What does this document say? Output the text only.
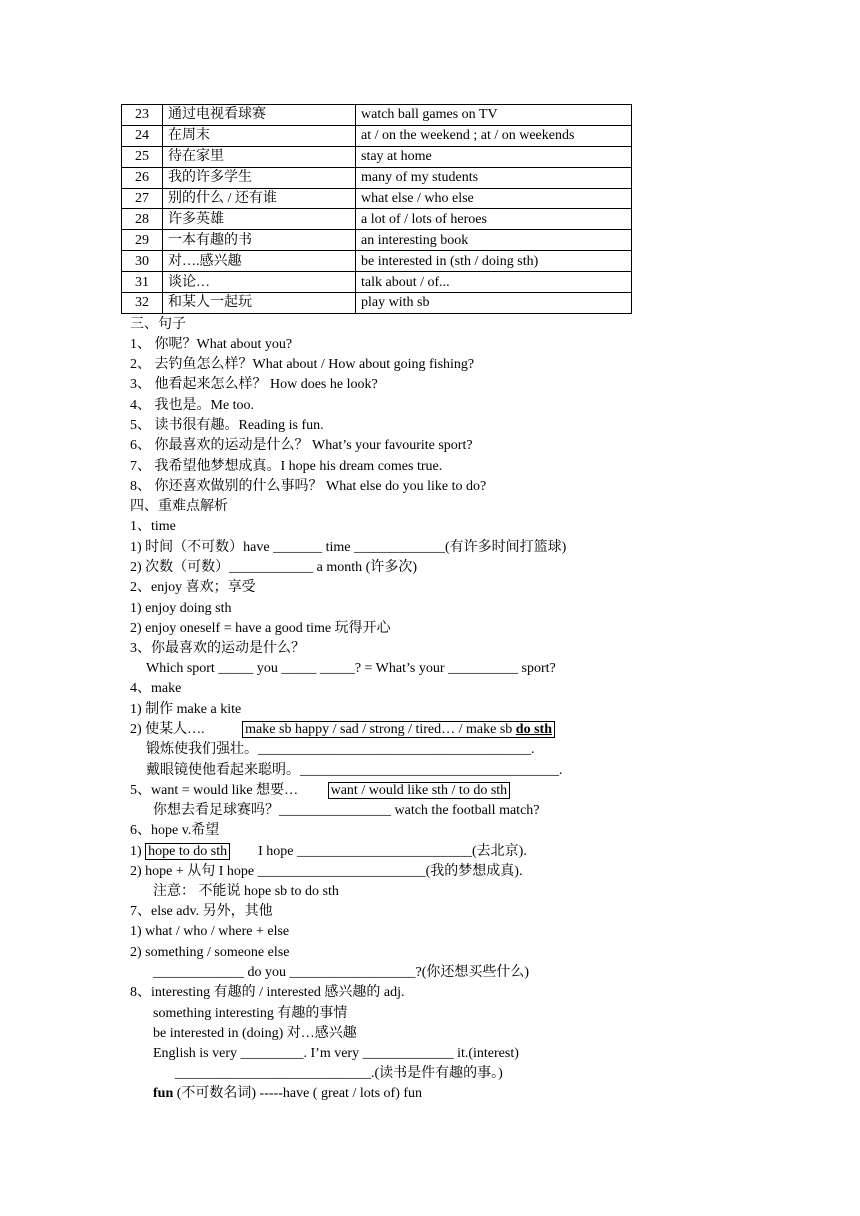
23	通过电视看球赛	watch ball games on TV
24	在周末	at / on the weekend ; at / on weekends
25	待在家里	stay at home
26	我的许多学生	many of my students
27	别的什么 / 还有谁	what else / who else
28	许多英雄	a lot of / lots of heroes
29	一本有趣的书	an interesting book
30	对….感兴趣	be interested in (sth / doing sth)
31	谈论…	talk about / of...
32	和某人一起玩	play with sb
三、句子
1、 你呢？What about you?
2、 去钓鱼怎么样？What about / How about going fishing?
3、 他看起来怎么样？ How does he look?
4、 我也是。Me too.
5、 读书很有趣。Reading is fun.
6、 你最喜欢的运动是什么？ What’s your favourite sport?
7、 我希望他梦想成真。I hope his dream comes true.
8、 你还喜欢做别的什么事吗？ What else do you like to do?
四、重难点解析
1、time
1) 时间（不可数）have _______ time _____________(有许多时间打篮球)
2) 次数（可数）____________ a month (许多次)
2、enjoy 喜欢；享受
1) enjoy doing sth
2) enjoy oneself = have a good time 玩得开心
3、你最喜欢的运动是什么？
Which sport _____ you _____ _____? = What’s your __________ sport?
4、make
1) 制作 make a kite
2) 使某人….	make sb happy / sad / strong / tired… / make sb do sth
锻炼使我们强壮。_______________________________________.
戴眼镜使他看起来聪明。_____________________________________.
5、want = would like 想要… want / would like sth / to do sth
你想去看足球赛吗？________________ watch the football match?
6、hope v.希望
1) hope to do sth        I hope _________________________(去北京).
2) hope + 从句 I hope ________________________(我的梦想成真).
注意： 不能说 hope sb to do sth
7、else adv. 另外，其他
1) what / who / where + else
2) something / someone else
_____________ do you __________________?(你还想买些什么)
8、interesting 有趣的 / interested 感兴趣的 adj.
something interesting 有趣的事情
be interested in (doing) 对…感兴趣
English is very _________. I’m very _____________ it.(interest)
____________________________.(读书是件有趣的事。)
fun (不可数名词) -----have ( great / lots of) fun
